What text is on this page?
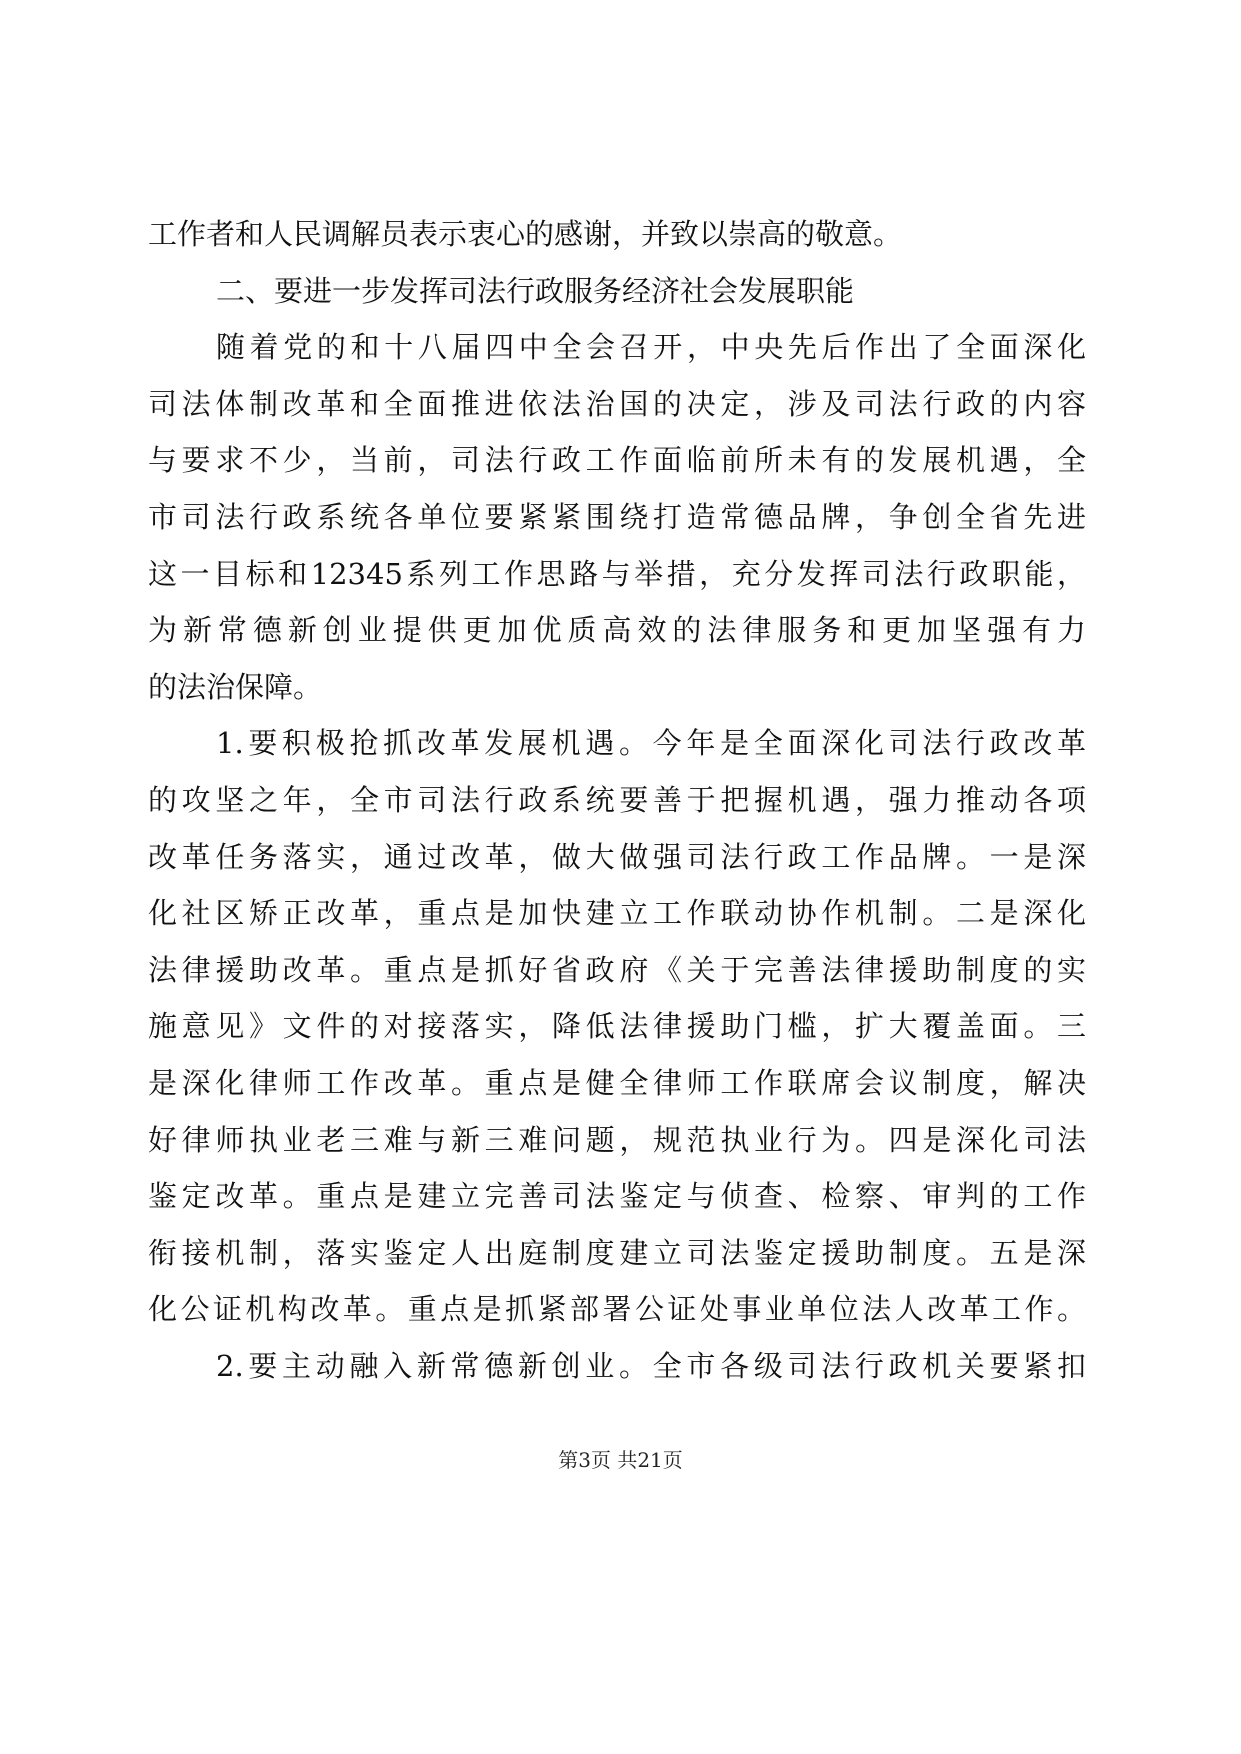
工作者和人民调解员表示衷心的感谢，并致以崇高的敬意。
二、要进一步发挥司法行政服务经济社会发展职能
随着党的和十八届四中全会召开，中央先后作出了全面深化
司法体制改革和全面推进依法治国的决定，涉及司法行政的内容
与要求不少，当前，司法行政工作面临前所未有的发展机遇，全
市司法行政系统各单位要紧紧围绕打造常德品牌，争创全省先进
这一目标和12345系列工作思路与举措，充分发挥司法行政职能，
为新常德新创业提供更加优质高效的法律服务和更加坚强有力
的法治保障。
1.要积极抢抓改革发展机遇。今年是全面深化司法行政改革
的攻坚之年，全市司法行政系统要善于把握机遇，强力推动各项
改革任务落实，通过改革，做大做强司法行政工作品牌。一是深
化社区矫正改革，重点是加快建立工作联动协作机制。二是深化
法律援助改革。重点是抓好省政府《关于完善法律援助制度的实
施意见》文件的对接落实，降低法律援助门槛，扩大覆盖面。三
是深化律师工作改革。重点是健全律师工作联席会议制度，解决
好律师执业老三难与新三难问题，规范执业行为。四是深化司法
鉴定改革。重点是建立完善司法鉴定与侦查、检察、审判的工作
衔接机制，落实鉴定人出庭制度建立司法鉴定援助制度。五是深
化公证机构改革。重点是抓紧部署公证处事业单位法人改革工作。
2.要主动融入新常德新创业。全市各级司法行政机关要紧扣
第3页 共21页
